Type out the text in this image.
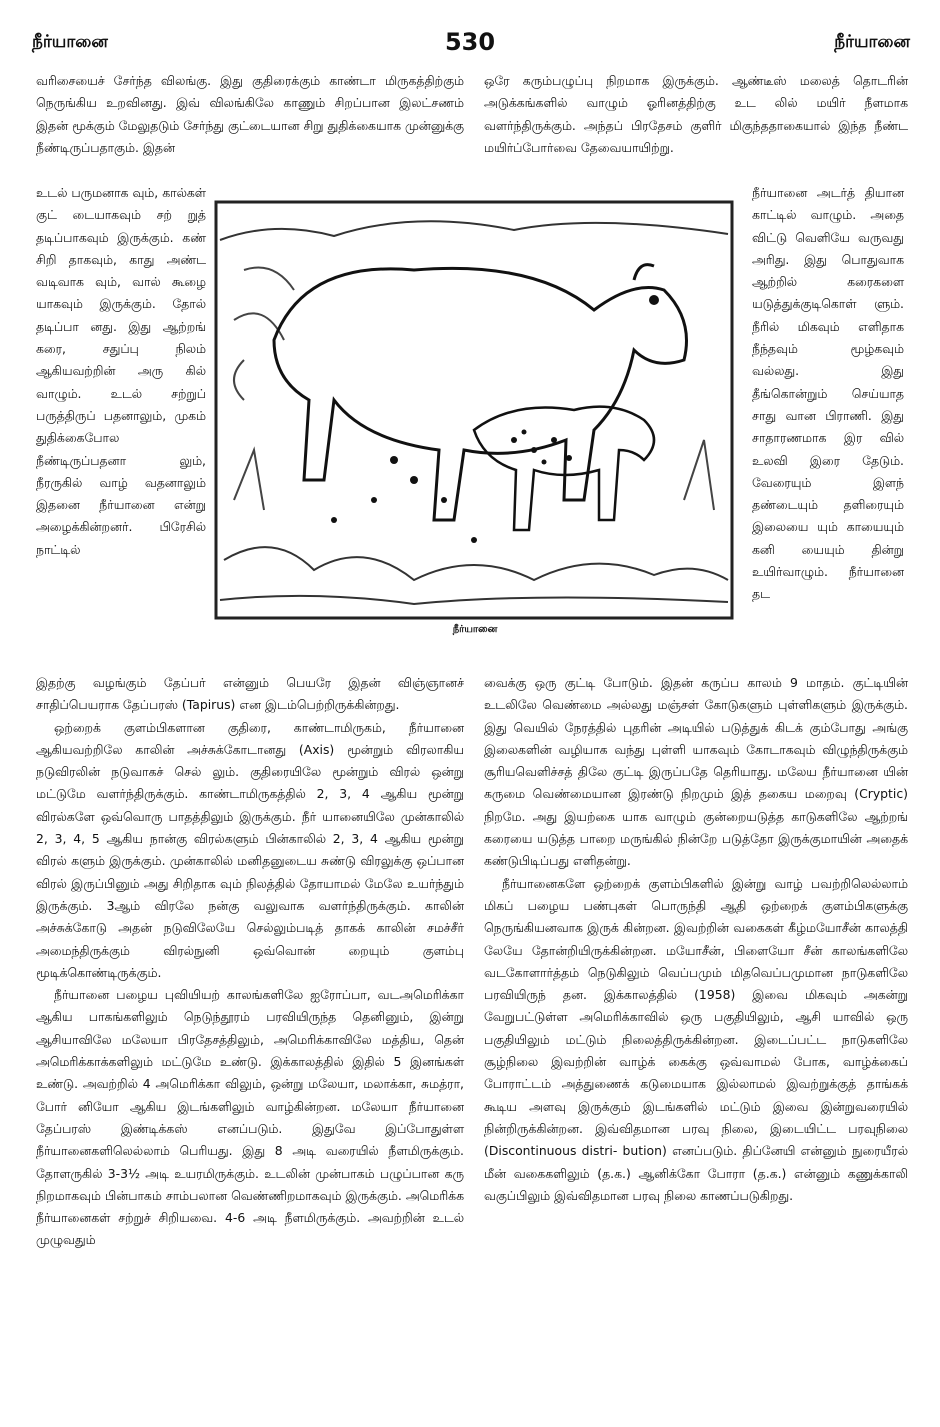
நீர்யானை	530	நீர்யானை

வரிசையைச் சேர்ந்த விலங்கு. இது குதிரைக்கும் காண்டா மிருகத்திற்கும் நெருங்கிய உறவினது. இவ் விலங்கிலே காணும் சிறப்பான இலட்சணம் இதன் மூக்கும் மேலுதடும் சேர்ந்து குட்டையான சிறு துதிக்கையாக முன்னுக்கு நீண்டிருப்பதாகும். இதன்

உடல் பருமனாக வும், கால்கள் குட் டையாகவும் சற் றுத் தடிப்பாகவும் இருக்கும். கண் சிறி தாகவும், காது அண்ட வடிவாக வும், வால் கூழை யாகவும் இருக்கும். தோல் தடிப்பா னது. இது ஆற்றங் கரை, சதுப்பு நிலம் ஆகியவற்றின் அரு கில் வாழும். உடல் சற்றுப் பருத்திருப் பதனாலும், முகம் துதிக்கைபோல நீண்டிருப்பதனா லும், நீரருகில் வாழ் வதனாலும் இதனை நீர்யானை என்று அழைக்கின்றனர். பிரேசில் நாட்டில்

நீர்யானை

இதற்கு வழங்கும் தேப்பர் என்னும் பெயரே இதன் விஞ்ஞானச் சாதிப்பெயராக தேப்பரஸ் (Tapirus) என இடம்பெற்றிருக்கின்றது.

ஒற்றைக் குளம்பிகளான குதிரை, காண்டாமிருகம், நீர்யானை ஆகியவற்றிலே காலின் அச்சுக்கோடானது (Axis) மூன்றும் விரலாகிய நடுவிரலின் நடுவாகச் செல் லும். குதிரையிலே மூன்றும் விரல் ஒன்று மட்டுமே வளர்ந்திருக்கும். காண்டாமிருகத்தில் 2, 3, 4 ஆகிய மூன்று விரல்களே ஒவ்வொரு பாதத்திலும் இருக்கும். நீர் யானையிலே முன்காலில் 2, 3, 4, 5 ஆகிய நான்கு விரல்களும் பின்காலில் 2, 3, 4 ஆகிய மூன்று விரல் களும் இருக்கும். முன்காலில் மனிதனுடைய சுண்டு விரலுக்கு ஒப்பான விரல் இருப்பினும் அது சிறிதாக வும் நிலத்தில் தோயாமல் மேலே உயர்ந்தும் இருக்கும். 3ஆம் விரலே நன்கு வலுவாக வளர்ந்திருக்கும். காலின் அச்சுக்கோடு அதன் நடுவிலேயே செல்லும்படித் தாகக் காலின் சமச்சீர் அமைந்திருக்கும் விரல்நுனி ஒவ்வொன் றையும் குளம்பு மூடிக்கொண்டிருக்கும்.

நீர்யானை பழைய புவியியற் காலங்களிலே ஐரோப்பா, வடஅமெரிக்கா ஆகிய பாகங்களிலும் நெடுந்தூரம் பரவியிருந்த தெனினும், இன்று ஆசியாவிலே மலேயா பிரதேசத்திலும், அமெரிக்காவிலே மத்திய, தென் அமெரிக்காக்களிலும் மட்டுமே உண்டு. இக்காலத்தில் இதில் 5 இனங்கள் உண்டு. அவற்றில் 4 அமெரிக்கா விலும், ஒன்று மலேயா, மலாக்கா, சுமத்ரா, போர் னியோ ஆகிய இடங்களிலும் வாழ்கின்றன. மலேயா நீர்யானை தேப்பரஸ் இண்டிக்கஸ் எனப்படும். இதுவே இப்போதுள்ள நீர்யானைகளிலெல்லாம் பெரியது. இது 8 அடி வரையில் நீளமிருக்கும். தோளருகில் 3-3½ அடி உயரமிருக்கும். உடலின் முன்பாகம் பழுப்பான கரு நிறமாகவும் பின்பாகம் சாம்பலான வெண்ணிறமாகவும் இருக்கும். அமெரிக்க நீர்யானைகள் சற்றுச் சிறியவை. 4-6 அடி நீளமிருக்கும். அவற்றின் உடல் முழுவதும்

ஒரே கரும்பழுப்பு நிறமாக இருக்கும். ஆண்டீஸ் மலைத் தொடரின் அடுக்கங்களில் வாழும் ஓரினத்திற்கு உட லில் மயிர் நீளமாக வளர்ந்திருக்கும். அந்தப் பிரதேசம் குளிர் மிகுந்ததாகையால் இந்த நீண்ட மயிர்ப்போர்வை தேவையாயிற்று.

நீர்யானை அடர்த் தியான காட்டில் வாழும். அதை விட்டு வெளியே வருவது அரிது. இது பொதுவாக ஆற்றில் கரைகளை யடுத்துக்குடிகொள் ளும். நீரில் மிகவும் எளிதாக நீந்தவும் மூழ்கவும் வல்லது. இது தீங்கொன்றும் செய்யாத சாது வான பிராணி. இது சாதாரணமாக இர வில் உலவி இரை தேடும். வேரையும் இளந் தண்டையும் தளிரையும் இலையை யும் காயையும் கனி யையும் தின்று உயிர்வாழும். நீர்யானை தட

வைக்கு ஒரு குட்டி போடும். இதன் கருப்ப காலம் 9 மாதம். குட்டியின் உடலிலே வெண்மை அல்லது மஞ்சள் கோடுகளும் புள்ளிகளும் இருக்கும். இது வெயில் நேரத்தில் புதரின் அடியில் படுத்துக் கிடக் கும்போது அங்கு இலைகளின் வழியாக வந்து புள்ளி யாகவும் கோடாகவும் விழுந்திருக்கும் சூரியவெளிச்சத் திலே குட்டி இருப்பதே தெரியாது. மலேய நீர்யானை யின் கருமை வெண்மையான இரண்டு நிறமும் இத் தகைய மறைவு (Cryptic) நிறமே. அது இயற்கை யாக வாழும் குன்றையடுத்த காடுகளிலே ஆற்றங் கரையை யடுத்த பாறை மருங்கில் நின்றே படுத்தோ இருக்குமாயின் அதைக் கண்டுபிடிப்பது எளிதன்று.

நீர்யானைகளே ஒற்றைக் குளம்பிகளில் இன்று வாழ் பவற்றிலெல்லாம் மிகப் பழைய பண்புகள் பொருந்தி ஆதி ஒற்றைக் குளம்பிகளுக்கு நெருங்கியனவாக இருக் கின்றன. இவற்றின் வகைகள் கீழ்மயோசீன் காலத்தி லேயே தோன்றியிருக்கின்றன. மயோசீன், பிளையோ சீன் காலங்களிலே வடகோளார்த்தம் நெடுகிலும் வெப்பமும் மிதவெப்பமுமான நாடுகளிலே பரவியிருந் தன. இக்காலத்தில் (1958) இவை மிகவும் அகன்று வேறுபட்டுள்ள அமெரிக்காவில் ஒரு பகுதியிலும், ஆசி யாவில் ஒரு பகுதியிலும் மட்டும் நிலைத்திருக்கின்றன. இடைப்பட்ட நாடுகளிலே சூழ்நிலை இவற்றின் வாழ்க் கைக்கு ஒவ்வாமல் போக, வாழ்க்கைப் போராட்டம் அத்துணைக் கடுமையாக இல்லாமல் இவற்றுக்குத் தாங்கக் கூடிய அளவு இருக்கும் இடங்களில் மட்டும் இவை இன்றுவரையில் நின்றிருக்கின்றன. இவ்விதமான பரவு நிலை, இடையிட்ட பரவுநிலை (Discontinuous distri- bution) எனப்படும். திப்னேயி என்னும் நுரையீரல் மீன் வகைகளிலும் (த.க.) ஆனிக்கோ போரா (த.க.) என்னும் கணுக்காலி வகுப்பிலும் இவ்விதமான பரவு நிலை காணப்படுகிறது.
